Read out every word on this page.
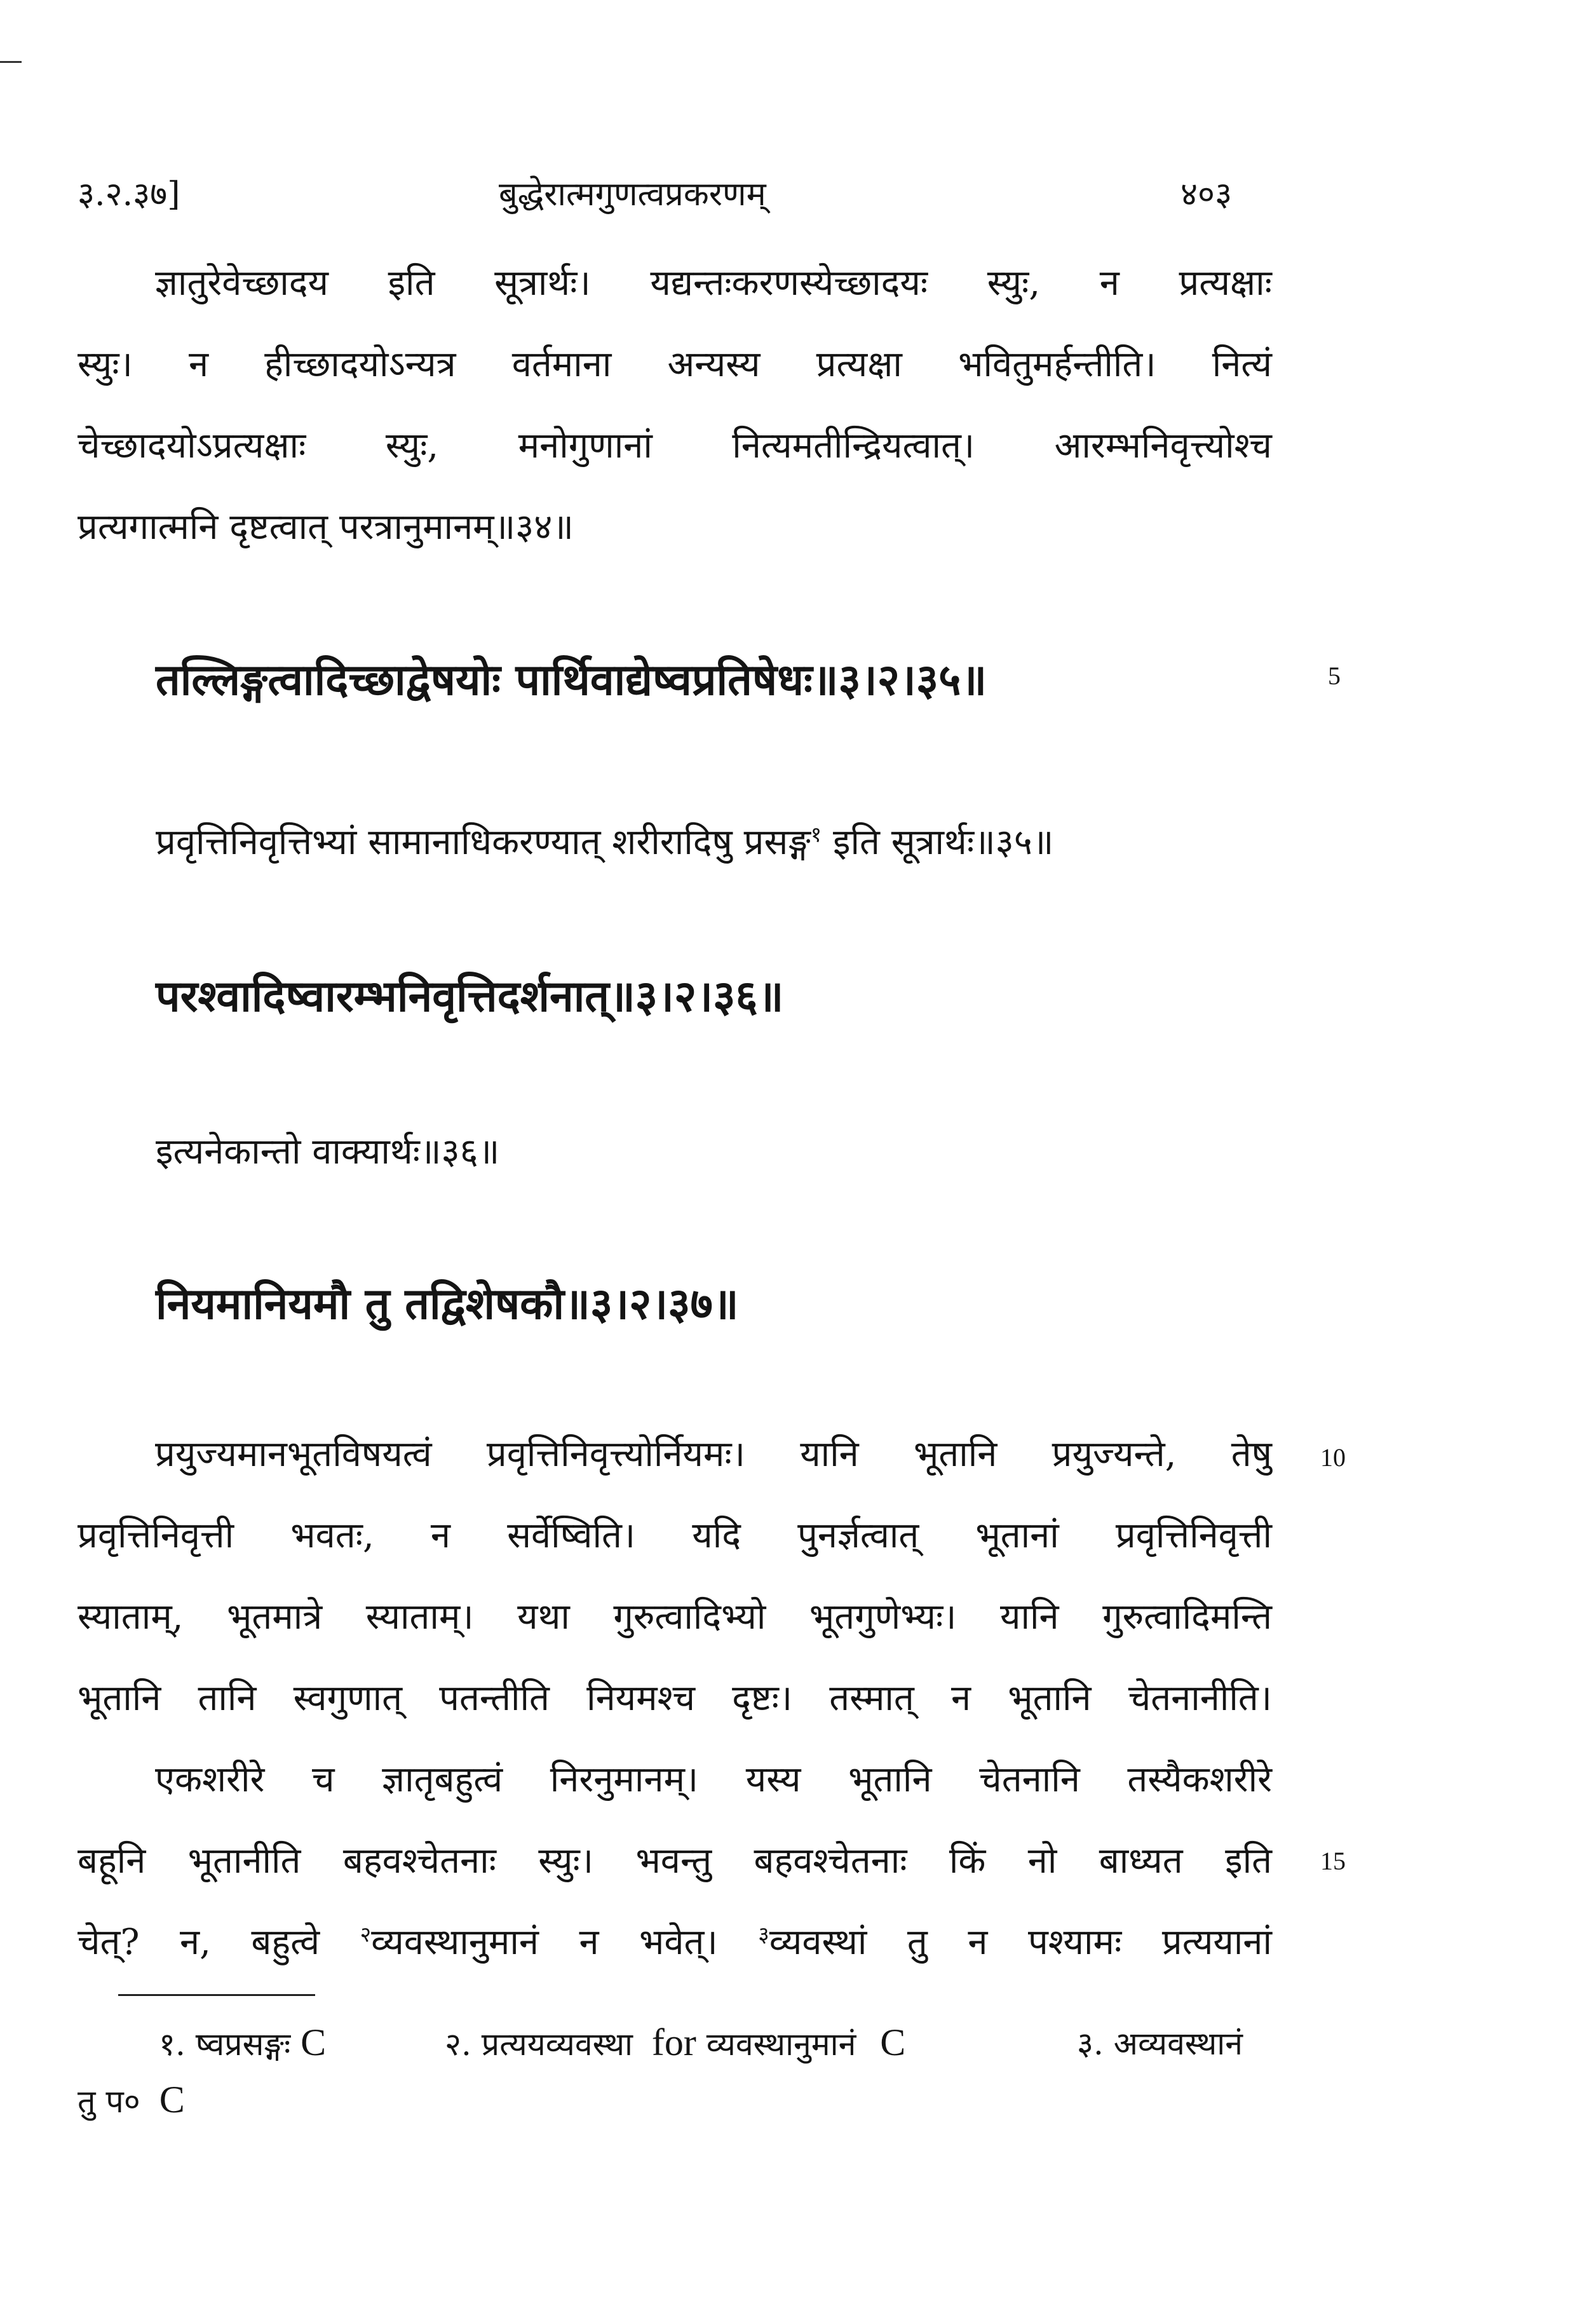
३.२.३७]	बुद्धेरात्मगुणत्वप्रकरणम्	४०३
ज्ञातुरेवेच्छादय इति सूत्रार्थः। यद्यन्तःकरणस्येच्छादयः स्युः, न प्रत्यक्षाः
स्युः। न हीच्छादयोऽन्यत्र वर्तमाना अन्यस्य प्रत्यक्षा भवितुमर्हन्तीति। नित्यं
चेच्छादयोऽप्रत्यक्षाः स्युः, मनोगुणानां नित्यमतीन्द्रियत्वात्। आरम्भनिवृत्त्योश्च
प्रत्यगात्मनि दृष्टत्वात् परत्रानुमानम्॥३४॥
तल्लिङ्गत्वादिच्छाद्वेषयोः पार्थिवाद्येष्वप्रतिषेधः॥३।२।३५॥	5
प्रवृत्तिनिवृत्तिभ्यां सामानाधिकरण्यात् शरीरादिषु प्रसङ्ग$^१$ इति सूत्रार्थः॥३५॥
परश्वादिष्वारम्भनिवृत्तिदर्शनात्॥३।२।३६॥
इत्यनेकान्तो वाक्यार्थः॥३६॥
नियमानियमौ तु तद्विशेषकौ॥३।२।३७॥
प्रयुज्यमानभूतविषयत्वं प्रवृत्तिनिवृत्त्योर्नियमः। यानि भूतानि प्रयुज्यन्ते, तेषु
प्रवृत्तिनिवृत्ती भवतः, न सर्वेष्विति। यदि पुनर्ज्ञत्वात् भूतानां प्रवृत्तिनिवृत्ती
स्याताम्, भूतमात्रे स्याताम्। यथा गुरुत्वादिभ्यो भूतगुणेभ्यः। यानि गुरुत्वादिमन्ति
भूतानि तानि स्वगुणात् पतन्तीति नियमश्च दृष्टः। तस्मात् न भूतानि चेतनानीति।
10
एकशरीरे च ज्ञातृबहुत्वं निरनुमानम्। यस्य भूतानि चेतनानि तस्यैकशरीरे
बहूनि भूतानीति बहवश्चेतनाः स्युः। भवन्तु बहवश्चेतनाः किं नो बाध्यत इति
चेत्? न, बहुत्वे $^२$व्यवस्थानुमानं न भवेत्। $^३$व्यवस्थां तु न पश्यामः प्रत्ययानां
15
१. ष्वप्रसङ्गः C	२. प्रत्ययव्यवस्था for व्यवस्थानुमानं C	३. अव्यवस्थानं
तु प० C
